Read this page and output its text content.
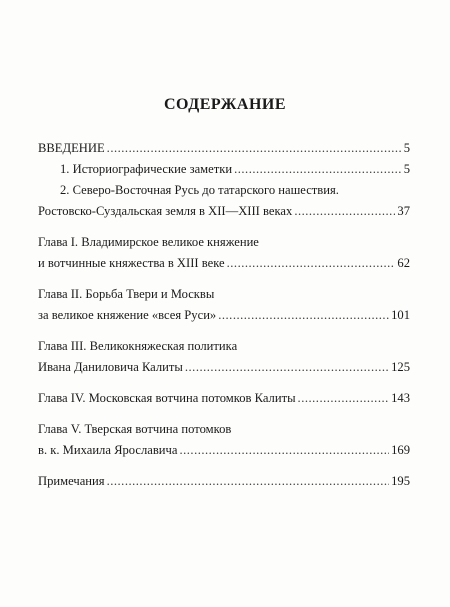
СОДЕРЖАНИЕ
ВВЕДЕНИЕ .....	5
1. Историографические заметки .....	5
2. Северо-Восточная Русь до татарского нашествия.
Ростовско-Суздальская земля в XII—XIII веках .....	37
Глава I. Владимирское великое княжение
и вотчинные княжества в XIII веке .....	62
Глава II. Борьба Твери и Москвы
за великое княжение «всея Руси» .....	101
Глава III. Великокняжеская политика
Ивана Даниловича Калиты .....	125
Глава IV. Московская вотчина потомков Калиты .....	143
Глава V. Тверская вотчина потомков
в. к. Михаила Ярославича .....	169
Примечания .....	195
